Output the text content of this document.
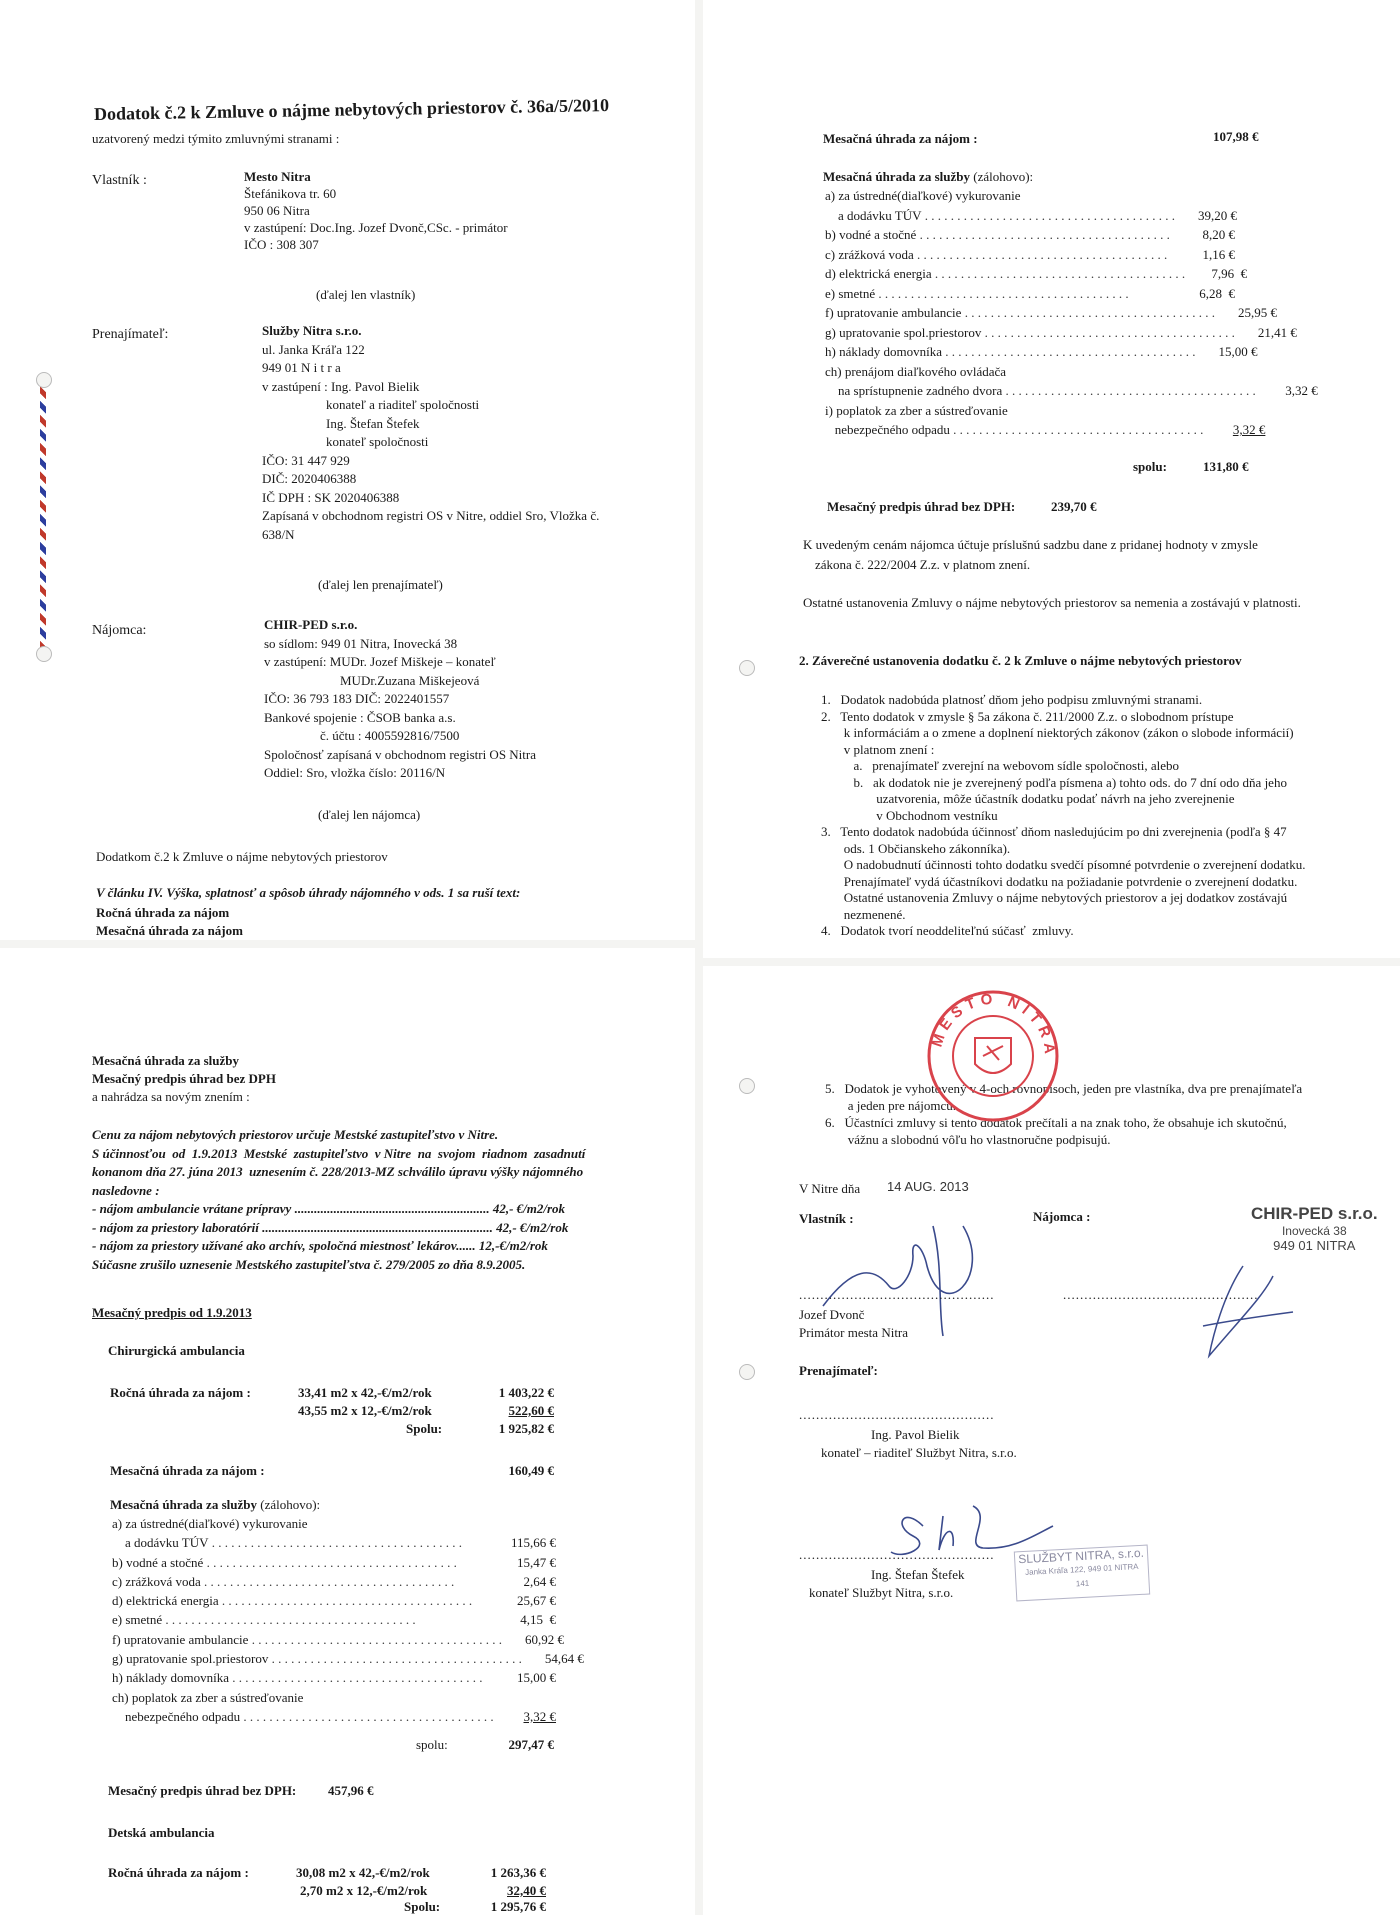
Dodatok č.2 k Zmluve o nájme nebytových priestorov č. 36a/5/2010
uzatvorený medzi týmito zmluvnými stranami :
Vlastník :	Mesto Nitra
Štefánikova tr. 60
950 06 Nitra
v zastúpení: Doc.Ing. Jozef Dvonč,CSc. - primátor
IČO : 308 307
(ďalej len vlastník)
Prenajímateľ:	Služby Nitra s.r.o.
ul. Janka Kráľa 122
949 01 N i t r a
v zastúpení : Ing. Pavol Bielik
konateľ a riaditeľ spoločnosti
Ing. Štefan Štefek
konateľ spoločnosti
IČO: 31 447 929
DIČ: 2020406388
IČ DPH : SK 2020406388
Zapísaná v obchodnom registri OS v Nitre, oddiel Sro, Vložka č.
638/N
(ďalej len prenajímateľ)
Nájomca:	CHIR-PED s.r.o.
so sídlom: 949 01 Nitra, Inovecká 38
v zastúpení: MUDr. Jozef Miškeje – konateľ
MUDr.Zuzana Miškejeová
IČO: 36 793 183 DIČ: 2022401557
Bankové spojenie : ČSOB banka a.s.
č. účtu : 4005592816/7500
Spoločnosť zapísaná v obchodnom registri OS Nitra
Oddiel: Sro, vložka číslo: 20116/N
(ďalej len nájomca)
Dodatkom č.2 k Zmluve o nájme nebytových priestorov
V článku IV. Výška, splatnosť a spôsob úhrady nájomného v ods. 1 sa ruší text:
Ročná úhrada za nájom
Mesačná úhrada za nájom
Mesačná úhrada za nájom :	107,98 €
Mesačná úhrada za služby (zálohovo):
a) za ústredné(diaľkové) vykurovanie
a dodávku TÚV . . . . . . . . . . . . . . . . . . . . . . . . . . . . . . . . . . . . . . .	39,20 €
b) vodné a stočné . . . . . . . . . . . . . . . . . . . . . . . . . . . . . . . . . . . . . . .	8,20 €
c) zrážková voda . . . . . . . . . . . . . . . . . . . . . . . . . . . . . . . . . . . . . . .	1,16 €
d) elektrická energia . . . . . . . . . . . . . . . . . . . . . . . . . . . . . . . . . . . . . . .	7,96  €
e) smetné . . . . . . . . . . . . . . . . . . . . . . . . . . . . . . . . . . . . . . .	6,28  €
f) upratovanie ambulancie . . . . . . . . . . . . . . . . . . . . . . . . . . . . . . . . . . . . . . .	25,95 €
g) upratovanie spol.priestorov . . . . . . . . . . . . . . . . . . . . . . . . . . . . . . . . . . . . . . .	21,41 €
h) náklady domovníka . . . . . . . . . . . . . . . . . . . . . . . . . . . . . . . . . . . . . . .	15,00 €
ch) prenájom diaľkového ovládača
na sprístupnenie zadného dvora . . . . . . . . . . . . . . . . . . . . . . . . . . . . . . . . . . . . . . .	3,32 €
i) poplatok za zber a sústreďovanie
nebezpečného odpadu . . . . . . . . . . . . . . . . . . . . . . . . . . . . . . . . . . . . . . .	3,32 €
spolu:	131,80 €
Mesačný predpis úhrad bez DPH:	239,70 €
K uvedeným cenám nájomca účtuje príslušnú sadzbu dane z pridanej hodnoty v zmysle
zákona č. 222/2004 Z.z. v platnom znení.
Ostatné ustanovenia Zmluvy o nájme nebytových priestorov sa nemenia a zostávajú v platnosti.
2. Záverečné ustanovenia dodatku č. 2 k Zmluve o nájme nebytových priestorov
1.   Dodatok nadobúda platnosť dňom jeho podpisu zmluvnými stranami.
2.   Tento dodatok v zmysle § 5a zákona č. 211/2000 Z.z. o slobodnom prístupe
k informáciám a o zmene a doplnení niektorých zákonov (zákon o slobode informácií)
v platnom znení :
a.   prenajímateľ zverejní na webovom sídle spoločnosti, alebo
b.   ak dodatok nie je zverejnený podľa písmena a) tohto ods. do 7 dní odo dňa jeho
uzatvorenia, môže účastník dodatku podať návrh na jeho zverejnenie
v Obchodnom vestníku
3.   Tento dodatok nadobúda účinnosť dňom nasledujúcim po dni zverejnenia (podľa § 47
ods. 1 Občianskeho zákonníka).
O nadobudnutí účinnosti tohto dodatku svedčí písomné potvrdenie o zverejnení dodatku.
Prenajímateľ vydá účastníkovi dodatku na požiadanie potvrdenie o zverejnení dodatku.
Ostatné ustanovenia Zmluvy o nájme nebytových priestorov a jej dodatkov zostávajú
nezmenené.
4.   Dodatok tvorí neoddeliteľnú súčasť  zmluvy.
Mesačná úhrada za služby
Mesačný predpis úhrad bez DPH
a nahrádza sa novým znením :
Cenu za nájom nebytových priestorov určuje Mestské zastupiteľstvo v Nitre.
S účinnosťou  od  1.9.2013  Mestské  zastupiteľstvo  v Nitre  na  svojom  riadnom  zasadnutí
konanom dňa 27. júna 2013  uznesením č. 228/2013-MZ schválilo úpravu výšky nájomného
nasledovne :
- nájom ambulancie vrátane prípravy ............................................................ 42,- €/m2/rok
- nájom za priestory laboratórií ....................................................................... 42,- €/m2/rok
- nájom za priestory užívané ako archív, spoločná miestnosť lekárov...... 12,-€/m2/rok
Súčasne zrušilo uznesenie Mestského zastupiteľstva č. 279/2005 zo dňa 8.9.2005.
Mesačný predpis od 1.9.2013
Chirurgická ambulancia
Ročná úhrada za nájom :	33,41 m2 x 42,-€/m2/rok	1 403,22 €
43,55 m2 x 12,-€/m2/rok	522,60 €
Spolu:	1 925,82 €
Mesačná úhrada za nájom :	160,49 €
Mesačná úhrada za služby (zálohovo):
a) za ústredné(diaľkové) vykurovanie
a dodávku TÚV . . . . . . . . . . . . . . . . . . . . . . . . . . . . . . . . . . . . . . .	115,66 €
b) vodné a stočné . . . . . . . . . . . . . . . . . . . . . . . . . . . . . . . . . . . . . . .	15,47 €
c) zrážková voda . . . . . . . . . . . . . . . . . . . . . . . . . . . . . . . . . . . . . . .	2,64 €
d) elektrická energia . . . . . . . . . . . . . . . . . . . . . . . . . . . . . . . . . . . . . . .	25,67 €
e) smetné . . . . . . . . . . . . . . . . . . . . . . . . . . . . . . . . . . . . . . .	4,15  €
f) upratovanie ambulancie . . . . . . . . . . . . . . . . . . . . . . . . . . . . . . . . . . . . . . .	60,92 €
g) upratovanie spol.priestorov . . . . . . . . . . . . . . . . . . . . . . . . . . . . . . . . . . . . . . .	54,64 €
h) náklady domovníka . . . . . . . . . . . . . . . . . . . . . . . . . . . . . . . . . . . . . . .	15,00 €
ch) poplatok za zber a sústreďovanie
nebezpečného odpadu . . . . . . . . . . . . . . . . . . . . . . . . . . . . . . . . . . . . . . .	3,32 €
spolu:	297,47 €
Mesačný predpis úhrad bez DPH: 457,96 €
Detská ambulancia
Ročná úhrada za nájom :	30,08 m2 x 42,-€/m2/rok	1 263,36 €
2,70 m2 x 12,-€/m2/rok	32,40 €
Spolu:	1 295,76 €
5.   Dodatok je vyhotovený v 4-och rovnopisoch, jeden pre vlastníka, dva pre prenajímateľa
a jeden pre nájomcu.
6.   Účastníci zmluvy si tento dodatok prečítali a na znak toho, že obsahuje ich skutočnú,
vážnu a slobodnú vôľu ho vlastnoručne podpisujú.
V Nitre dňa 14 AUG. 2013
MESTO NITRA
Vlastník :	Nájomca :	CHIR-PED s.r.o.
Inovecká 38
949 01 NITRA
..............................................	..............................................
Jozef Dvonč
Primátor mesta Nitra
Prenajímateľ:
..............................................
Ing. Pavol Bielik
konateľ – riaditeľ Službyt Nitra, s.r.o.
..............................................
Ing. Štefan Štefek
konateľ Službyt Nitra, s.r.o.
SLUŽBYT NITRA, s.r.o.
Janka Kráľa 122, 949 01 NITRA
141
